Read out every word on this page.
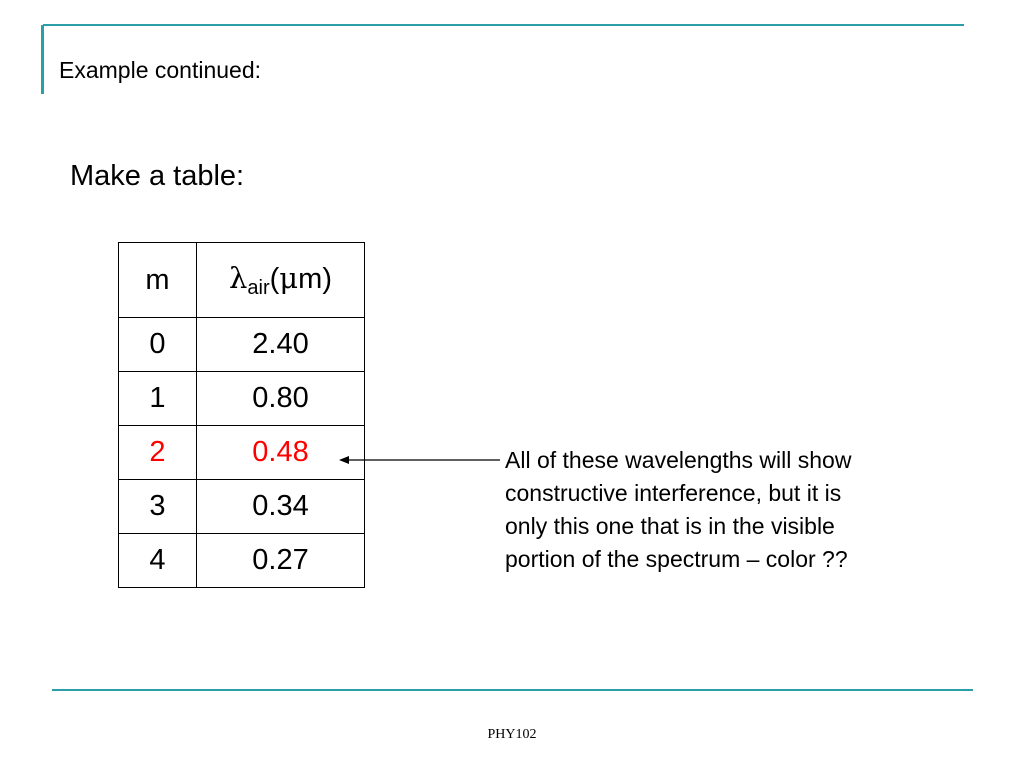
Example continued:
Make a table:
m	$\lambda_{air}(\mu m)$
0	2.40
1	0.80
2	0.48
3	0.34
4	0.27
All of these wavelengths will show
constructive interference, but it is
only this one that is in the visible
portion of the spectrum – color ??
PHY102
